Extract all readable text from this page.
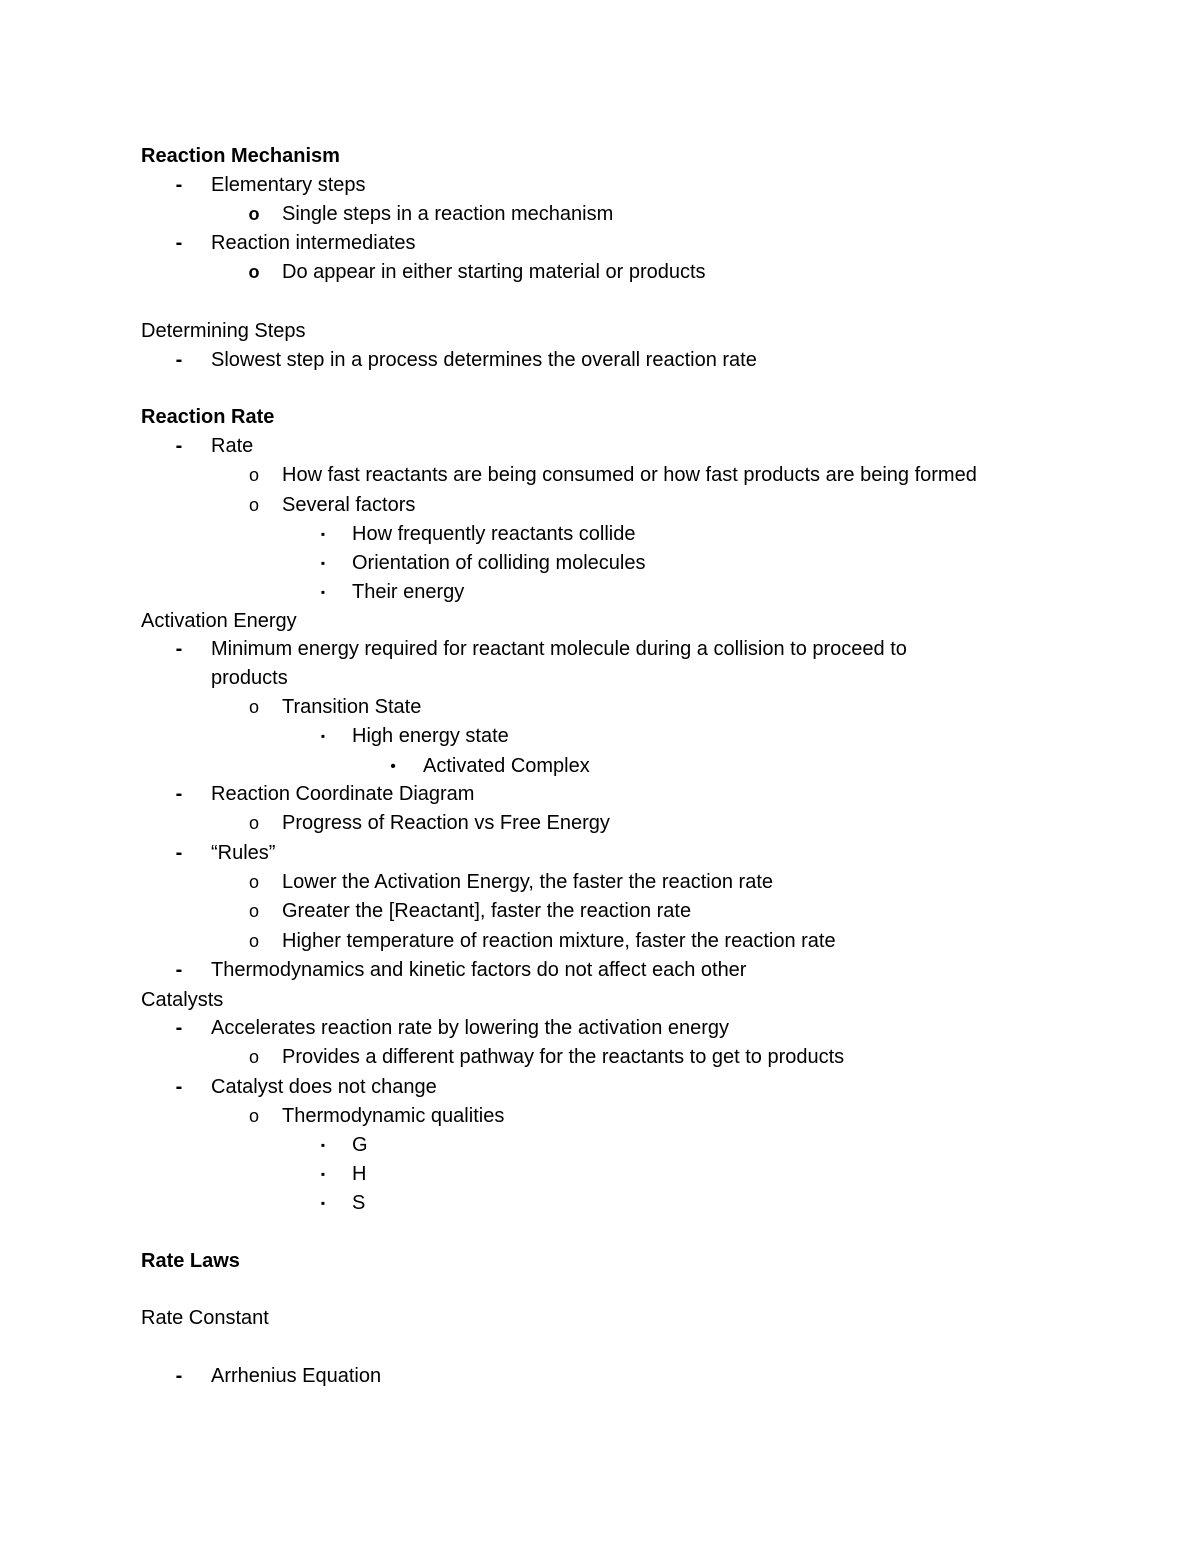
Reaction Mechanism
-	Elementary steps
o	Single steps in a reaction mechanism
-	Reaction intermediates
o	Do appear in either starting material or products
Determining Steps
-	Slowest step in a process determines the overall reaction rate
Reaction Rate
-	Rate
o	How fast reactants are being consumed or how fast products are being formed
o	Several factors
▪	How frequently reactants collide
▪	Orientation of colliding molecules
▪	Their energy
Activation Energy
-	Minimum energy required for reactant molecule during a collision to proceed to
products
o	Transition State
▪	High energy state
•	Activated Complex
-	Reaction Coordinate Diagram
o	Progress of Reaction vs Free Energy
-	“Rules”
o	Lower the Activation Energy, the faster the reaction rate
o	Greater the [Reactant], faster the reaction rate
o	Higher temperature of reaction mixture, faster the reaction rate
-	Thermodynamics and kinetic factors do not affect each other
Catalysts
-	Accelerates reaction rate by lowering the activation energy
o	Provides a different pathway for the reactants to get to products
-	Catalyst does not change
o	Thermodynamic qualities
▪	G
▪	H
▪	S
Rate Laws
Rate Constant
-	Arrhenius Equation
